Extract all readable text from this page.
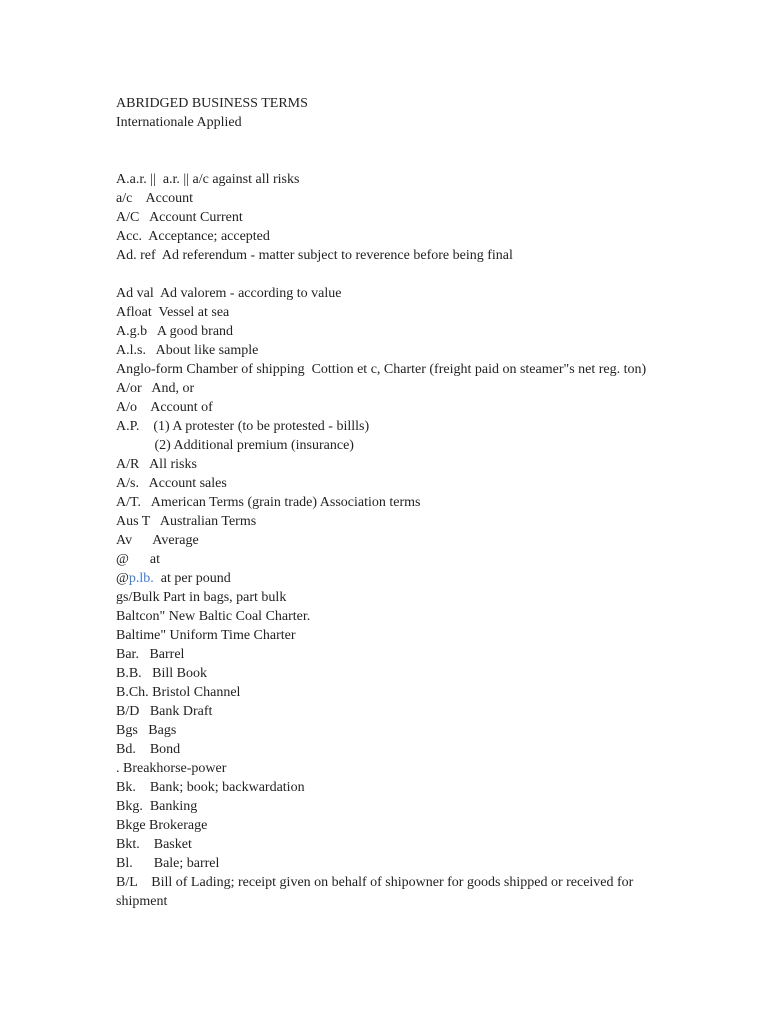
ABRIDGED BUSINESS TERMS
Internationale Applied
A.a.r. ||  a.r. || a/c against all risks
a/c    Account
A/C   Account Current
Acc.  Acceptance; accepted
Ad. ref  Ad referendum - matter subject to reverence before being final
Ad val  Ad valorem - according to value
Afloat  Vessel at sea
A.g.b   A good brand
A.l.s.   About like sample
Anglo-form Chamber of shipping  Cottion et c, Charter (freight paid on steamer"s net reg. ton)
A/or   And, or
A/o    Account of
A.P.    (1) A protester (to be protested - billls)
(2) Additional premium (insurance)
A/R   All risks
A/s.   Account sales
A/T.   American Terms (grain trade) Association terms
Aus T   Australian Terms
Av      Average
@      at
@p.lb.  at per pound
gs/Bulk Part in bags, part bulk
Baltcon" New Baltic Coal Charter.
Baltime" Uniform Time Charter
Bar.   Barrel
B.B.   Bill Book
B.Ch. Bristol Channel
B/D   Bank Draft
Bgs   Bags
Bd.    Bond
. Breakhorse-power
Bk.    Bank; book; backwardation
Bkg.  Banking
Bkge Brokerage
Bkt.    Basket
Bl.      Bale; barrel
B/L    Bill of Lading; receipt given on behalf of shipowner for goods shipped or received for shipment
